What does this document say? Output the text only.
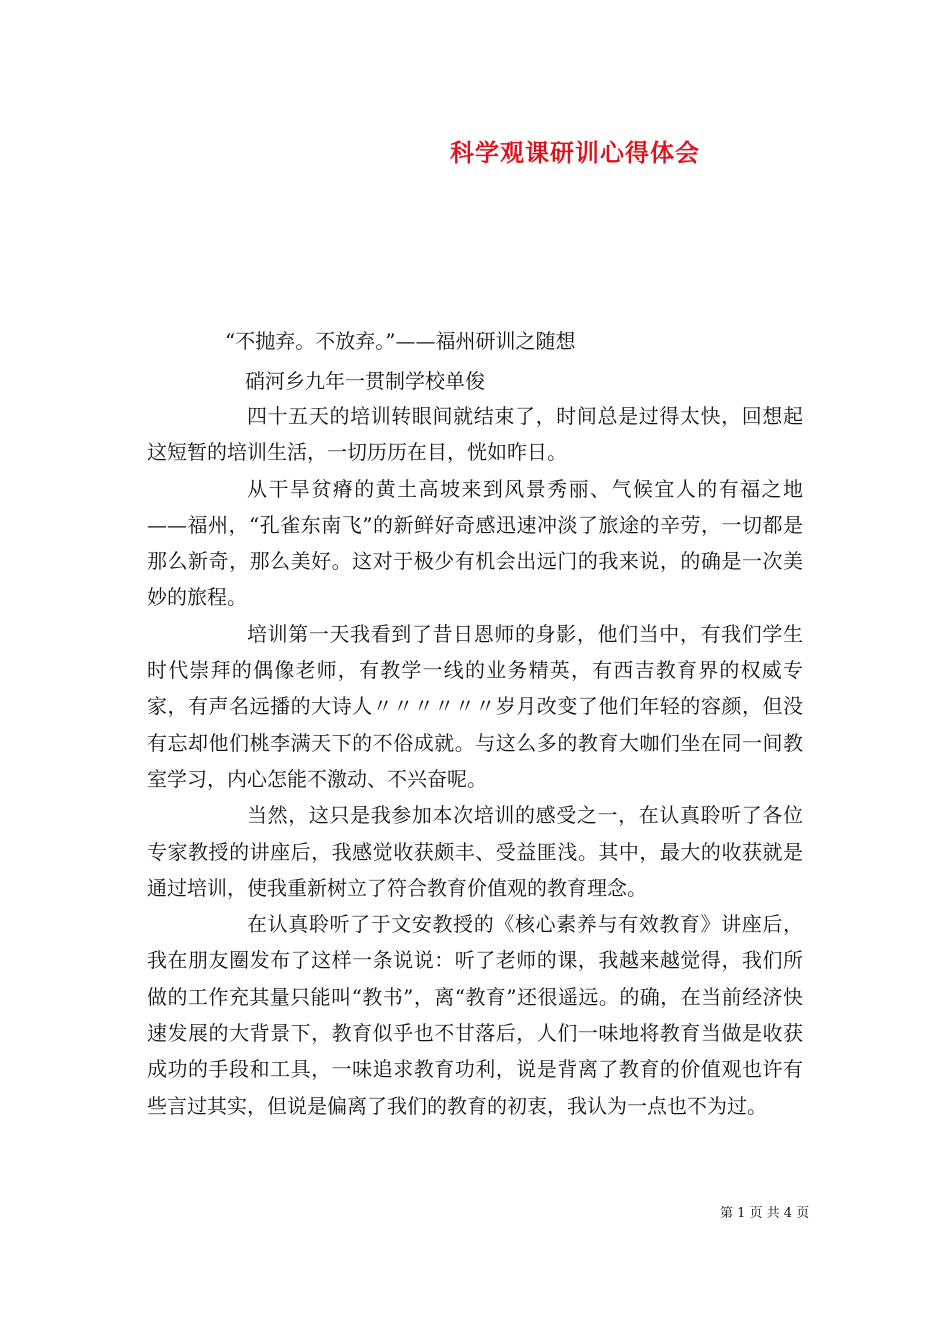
科学观课研训心得体会
“不抛弃。不放弃。”——福州研训之随想
硝河乡九年一贯制学校单俊

四十五天的培训转眼间就结束了，时间总是过得太快，回想起这短暂的培训生活，一切历历在目，恍如昨日。

从干旱贫瘠的黄土高坡来到风景秀丽、气候宜人的有福之地——福州，“孔雀东南飞”的新鲜好奇感迅速冲淡了旅途的辛劳，一切都是那么新奇，那么美好。这对于极少有机会出远门的我来说，的确是一次美妙的旅程。

培训第一天我看到了昔日恩师的身影，他们当中，有我们学生时代崇拜的偶像老师，有教学一线的业务精英，有西吉教育界的权威专家，有声名远播的大诗人〃〃〃〃〃〃岁月改变了他们年轻的容颜，但没有忘却他们桃李满天下的不俗成就。与这么多的教育大咖们坐在同一间教室学习，内心怎能不激动、不兴奋呢。

当然，这只是我参加本次培训的感受之一，在认真聆听了各位专家教授的讲座后，我感觉收获颇丰、受益匪浅。其中，最大的收获就是通过培训，使我重新树立了符合教育价值观的教育理念。

在认真聆听了于文安教授的《核心素养与有效教育》讲座后，我在朋友圈发布了这样一条说说：听了老师的课，我越来越觉得，我们所做的工作充其量只能叫“教书”，离“教育”还很遥远。的确，在当前经济快速发展的大背景下，教育似乎也不甘落后，人们一味地将教育当做是收获成功的手段和工具，一味追求教育功利，说是背离了教育的价值观也许有些言过其实，但说是偏离了我们的教育的初衷，我认为一点也不为过。

第 1 页 共 4 页
